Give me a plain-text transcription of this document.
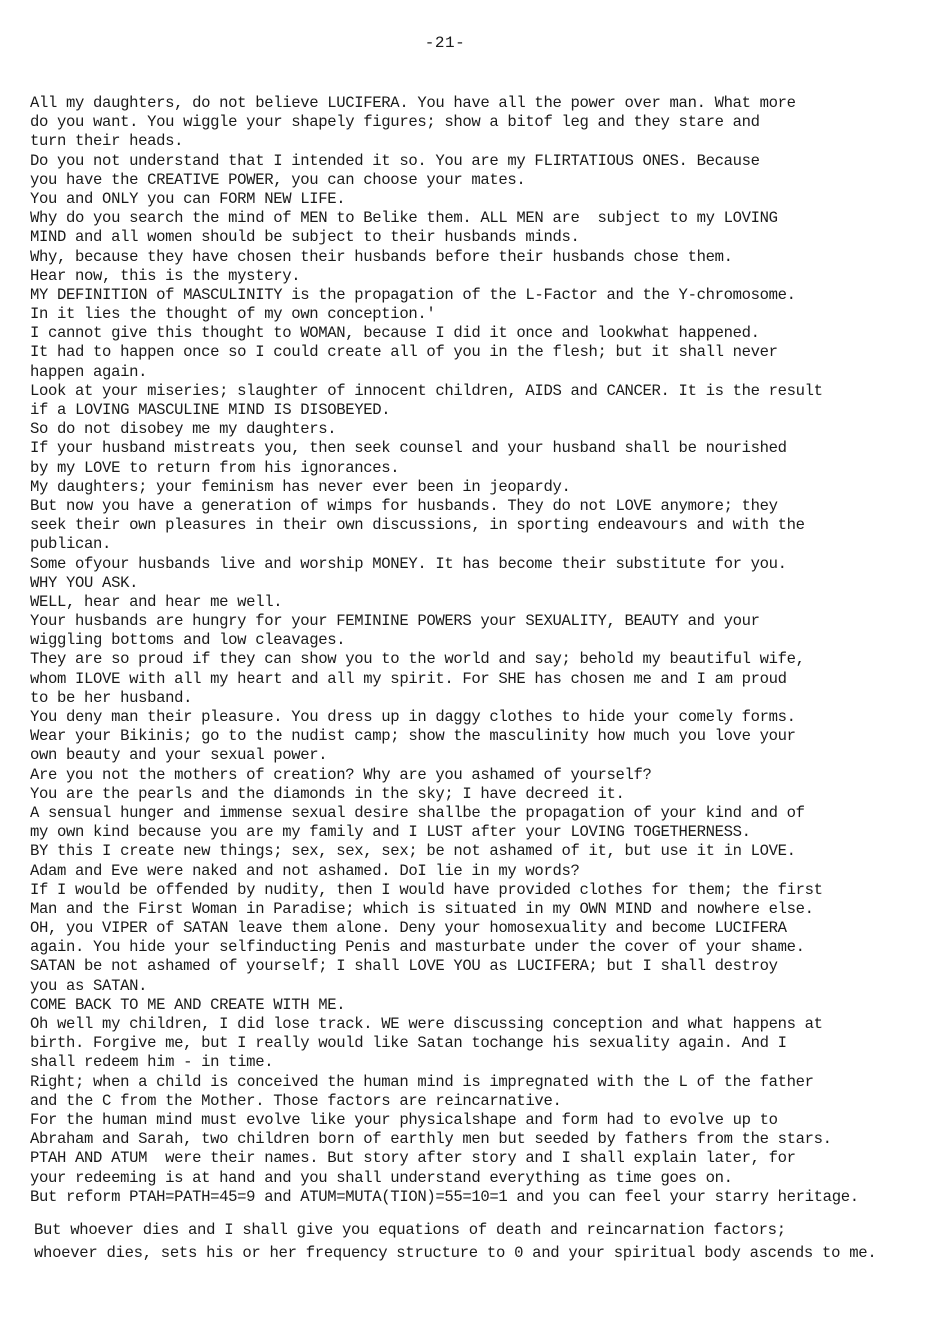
-21-
All my daughters, do not believe LUCIFERA. You have all the power over man. What more
do you want. You wiggle your shapely figures; show a bitof leg and they stare and
turn their heads.
Do you not understand that I intended it so. You are my FLIRTATIOUS ONES. Because
you have the CREATIVE POWER, you can choose your mates.
You and ONLY you can FORM NEW LIFE.
Why do you search the mind of MEN to Belike them. ALL MEN are  subject to my LOVING
MIND and all women should be subject to their husbands minds.
Why, because they have chosen their husbands before their husbands chose them.
Hear now, this is the mystery.
MY DEFINITION of MASCULINITY is the propagation of the L-Factor and the Y-chromosome.
In it lies the thought of my own conception.'
I cannot give this thought to WOMAN, because I did it once and lookwhat happened.
It had to happen once so I could create all of you in the flesh; but it shall never
happen again.
Look at your miseries; slaughter of innocent children, AIDS and CANCER. It is the result
if a LOVING MASCULINE MIND IS DISOBEYED.
So do not disobey me my daughters.
If your husband mistreats you, then seek counsel and your husband shall be nourished
by my LOVE to return from his ignorances.
My daughters; your feminism has never ever been in jeopardy.
But now you have a generation of wimps for husbands. They do not LOVE anymore; they
seek their own pleasures in their own discussions, in sporting endeavours and with the
publican.
Some ofyour husbands live and worship MONEY. It has become their substitute for you.
WHY YOU ASK.
WELL, hear and hear me well.
Your husbands are hungry for your FEMININE POWERS your SEXUALITY, BEAUTY and your
wiggling bottoms and low cleavages.
They are so proud if they can show you to the world and say; behold my beautiful wife,
whom ILOVE with all my heart and all my spirit. For SHE has chosen me and I am proud
to be her husband.
You deny man their pleasure. You dress up in daggy clothes to hide your comely forms.
Wear your Bikinis; go to the nudist camp; show the masculinity how much you love your
own beauty and your sexual power.
Are you not the mothers of creation? Why are you ashamed of yourself?
You are the pearls and the diamonds in the sky; I have decreed it.
A sensual hunger and immense sexual desire shallbe the propagation of your kind and of
my own kind because you are my family and I LUST after your LOVING TOGETHERNESS.
BY this I create new things; sex, sex, sex; be not ashamed of it, but use it in LOVE.
Adam and Eve were naked and not ashamed. DoI lie in my words?
If I would be offended by nudity, then I would have provided clothes for them; the first
Man and the First Woman in Paradise; which is situated in my OWN MIND and nowhere else.
OH, you VIPER of SATAN leave them alone. Deny your homosexuality and become LUCIFERA
again. You hide your selfinducting Penis and masturbate under the cover of your shame.
SATAN be not ashamed of yourself; I shall LOVE YOU as LUCIFERA; but I shall destroy
you as SATAN.
COME BACK TO ME AND CREATE WITH ME.
Oh well my children, I did lose track. WE were discussing conception and what happens at
birth. Forgive me, but I really would like Satan tochange his sexuality again. And I
shall redeem him - in time.
Right; when a child is conceived the human mind is impregnated with the L of the father
and the C from the Mother. Those factors are reincarnative.
For the human mind must evolve like your physicalshape and form had to evolve up to
Abraham and Sarah, two children born of earthly men but seeded by fathers from the stars.
PTAH AND ATUM  were their names. But story after story and I shall explain later, for
your redeeming is at hand and you shall understand everything as time goes on.
But reform PTAH=PATH=45=9 and ATUM=MUTA(TION)=55=10=1 and you can feel your starry heritage.
But whoever dies and I shall give you equations of death and reincarnation factors;
whoever dies, sets his or her frequency structure to 0 and your spiritual body ascends to me.
